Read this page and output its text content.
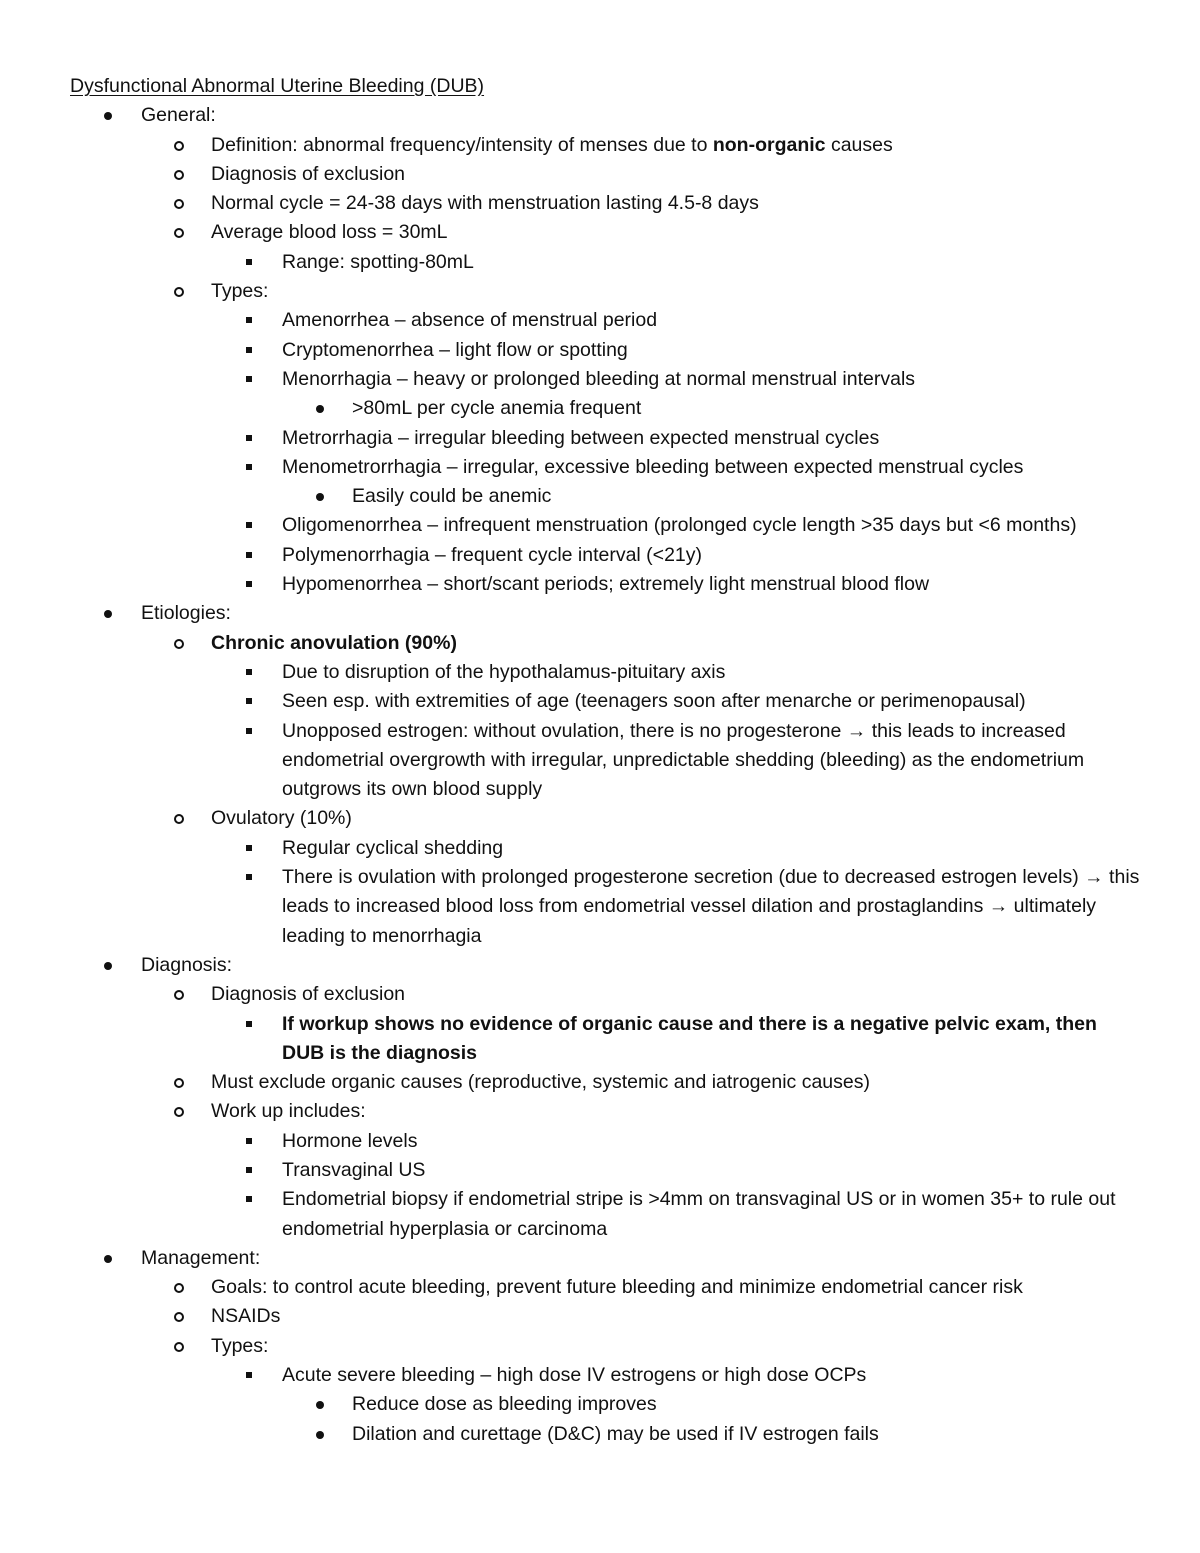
Dysfunctional Abnormal Uterine Bleeding (DUB)
General:
Definition: abnormal frequency/intensity of menses due to non-organic causes
Diagnosis of exclusion
Normal cycle = 24-38 days with menstruation lasting 4.5-8 days
Average blood loss = 30mL
Range: spotting-80mL
Types:
Amenorrhea – absence of menstrual period
Cryptomenorrhea – light flow or spotting
Menorrhagia – heavy or prolonged bleeding at normal menstrual intervals
>80mL per cycle anemia frequent
Metrorrhagia – irregular bleeding between expected menstrual cycles
Menometrorrhagia – irregular, excessive bleeding between expected menstrual cycles
Easily could be anemic
Oligomenorrhea – infrequent menstruation (prolonged cycle length >35 days but <6 months)
Polymenorrhagia – frequent cycle interval (<21y)
Hypomenorrhea – short/scant periods; extremely light menstrual blood flow
Etiologies:
Chronic anovulation (90%)
Due to disruption of the hypothalamus-pituitary axis
Seen esp. with extremities of age (teenagers soon after menarche or perimenopausal)
Unopposed estrogen: without ovulation, there is no progesterone → this leads to increased endometrial overgrowth with irregular, unpredictable shedding (bleeding) as the endometrium outgrows its own blood supply
Ovulatory (10%)
Regular cyclical shedding
There is ovulation with prolonged progesterone secretion (due to decreased estrogen levels) → this leads to increased blood loss from endometrial vessel dilation and prostaglandins → ultimately leading to menorrhagia
Diagnosis:
Diagnosis of exclusion
If workup shows no evidence of organic cause and there is a negative pelvic exam, then DUB is the diagnosis
Must exclude organic causes (reproductive, systemic and iatrogenic causes)
Work up includes:
Hormone levels
Transvaginal US
Endometrial biopsy if endometrial stripe is >4mm on transvaginal US or in women 35+ to rule out endometrial hyperplasia or carcinoma
Management:
Goals: to control acute bleeding, prevent future bleeding and minimize endometrial cancer risk
NSAIDs
Types:
Acute severe bleeding – high dose IV estrogens or high dose OCPs
Reduce dose as bleeding improves
Dilation and curettage (D&C) may be used if IV estrogen fails
